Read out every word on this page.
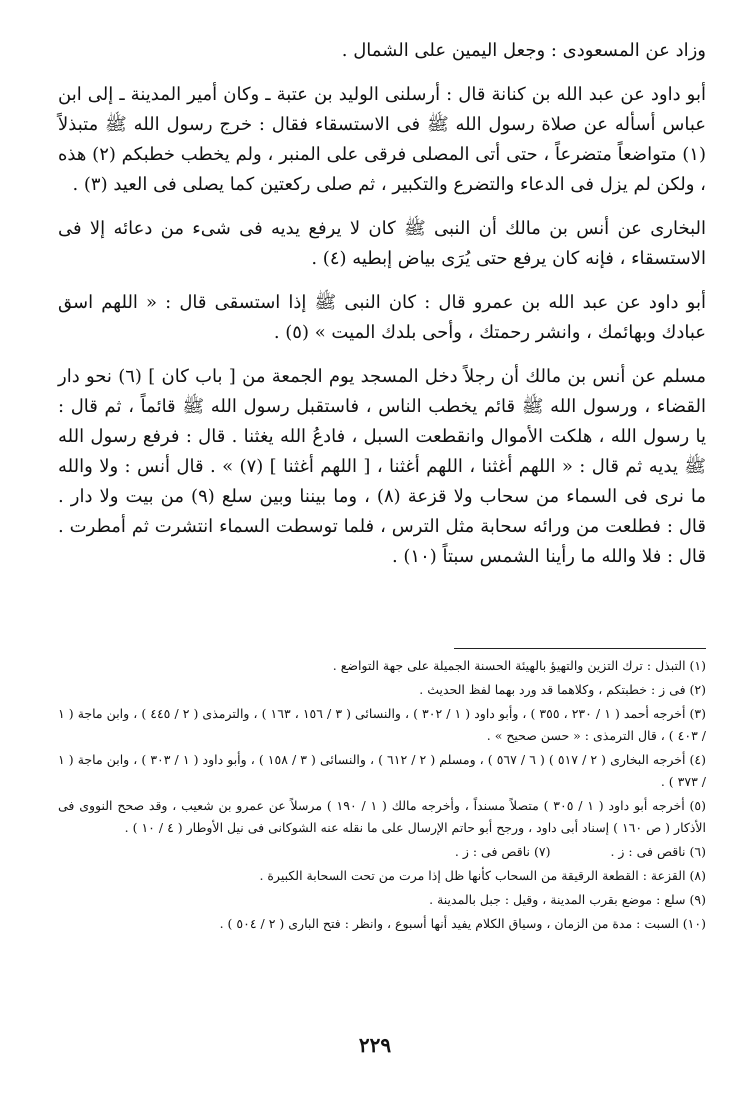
وزاد عن المسعودى : وجعل اليمين على الشمال .

أبو داود عن عبد الله بن كنانة قال : أرسلنى الوليد بن عتبة ـ وكان أمير المدينة ـ إلى ابن عباس أسأله عن صلاة رسول الله ﷺ فى الاستسقاء فقال : خرج رسول الله ﷺ متبذلاً (١) متواضعاً متضرعاً ، حتى أتى المصلى فرقى على المنبر ، ولم يخطب خطبكم (٢) هذه ، ولكن لم يزل فى الدعاء والتضرع والتكبير ، ثم صلى ركعتين كما يصلى فى العيد (٣) .

البخارى عن أنس بن مالك أن النبى ﷺ كان لا يرفع يديه فى شىء من دعائه إلا فى الاستسقاء ، فإنه كان يرفع حتى يُرَى بياض إبطيه (٤) .

أبو داود عن عبد الله بن عمرو قال : كان النبى ﷺ إذا استسقى قال : « اللهم اسق عبادك وبهائمك ، وانشر رحمتك ، وأحى بلدك الميت » (٥) .

مسلم عن أنس بن مالك أن رجلاً دخل المسجد يوم الجمعة من [ باب كان ] (٦) نحو دار القضاء ، ورسول الله ﷺ قائم يخطب الناس ، فاستقبل رسول الله ﷺ قائماً ، ثم قال : يا رسول الله ، هلكت الأموال وانقطعت السبل ، فادعُ الله يغثنا . قال : فرفع رسول الله ﷺ يديه ثم قال : « اللهم أغثنا ، اللهم أغثنا ، [ اللهم أغثنا ] (٧) » . قال أنس : ولا والله ما نرى فى السماء من سحاب ولا قزعة (٨) ، وما بيننا وبين سلع (٩) من بيت ولا دار . قال : فطلعت من ورائه سحابة مثل الترس ، فلما توسطت السماء انتشرت ثم أمطرت . قال : فلا والله ما رأينا الشمس سبتاً (١٠) .

(١) التبذل : ترك التزين والتهيؤ بالهيئة الحسنة الجميلة على جهة التواضع .

(٢) فى ز : خطبتكم ، وكلاهما قد ورد بهما لفظ الحديث .

(٣) أخرجه أحمد ( ١ / ٢٣٠ ، ٣٥٥ ) ، وأبو داود ( ١ / ٣٠٢ ) ، والنسائى ( ٣ / ١٥٦ ، ١٦٣ ) ، والترمذى ( ٢ / ٤٤٥ ) ، وابن ماجة ( ١ / ٤٠٣ ) ، قال الترمذى : « حسن صحيح » .

(٤) أخرجه البخارى ( ٢ / ٥١٧ ) ( ٦ / ٥٦٧ ) ، ومسلم ( ٢ / ٦١٢ ) ، والنسائى ( ٣ / ١٥٨ ) ، وأبو داود ( ١ / ٣٠٣ ) ، وابن ماجة ( ١ / ٣٧٣ ) .

(٥) أخرجه أبو داود ( ١ / ٣٠٥ ) متصلاً مسنداً ، وأخرجه مالك ( ١ / ١٩٠ ) مرسلاً عن عمرو بن شعيب ، وقد صحح النووى فى الأذكار ( ص ١٦٠ ) إسناد أبى داود ، ورجح أبو حاتم الإرسال على ما نقله عنه الشوكانى فى نيل الأوطار ( ٤ / ١٠ ) .

(٦) ناقص فى : ز .
(٧) ناقص فى : ز .

(٨) القزعة : القطعة الرقيقة من السحاب كأنها ظل إذا مرت من تحت السحابة الكبيرة .

(٩) سلع : موضع بقرب المدينة ، وقيل : جبل بالمدينة .

(١٠) السبت : مدة من الزمان ، وسياق الكلام يفيد أنها أسبوع ، وانظر : فتح البارى ( ٢ / ٥٠٤ ) .

٢٢٩
